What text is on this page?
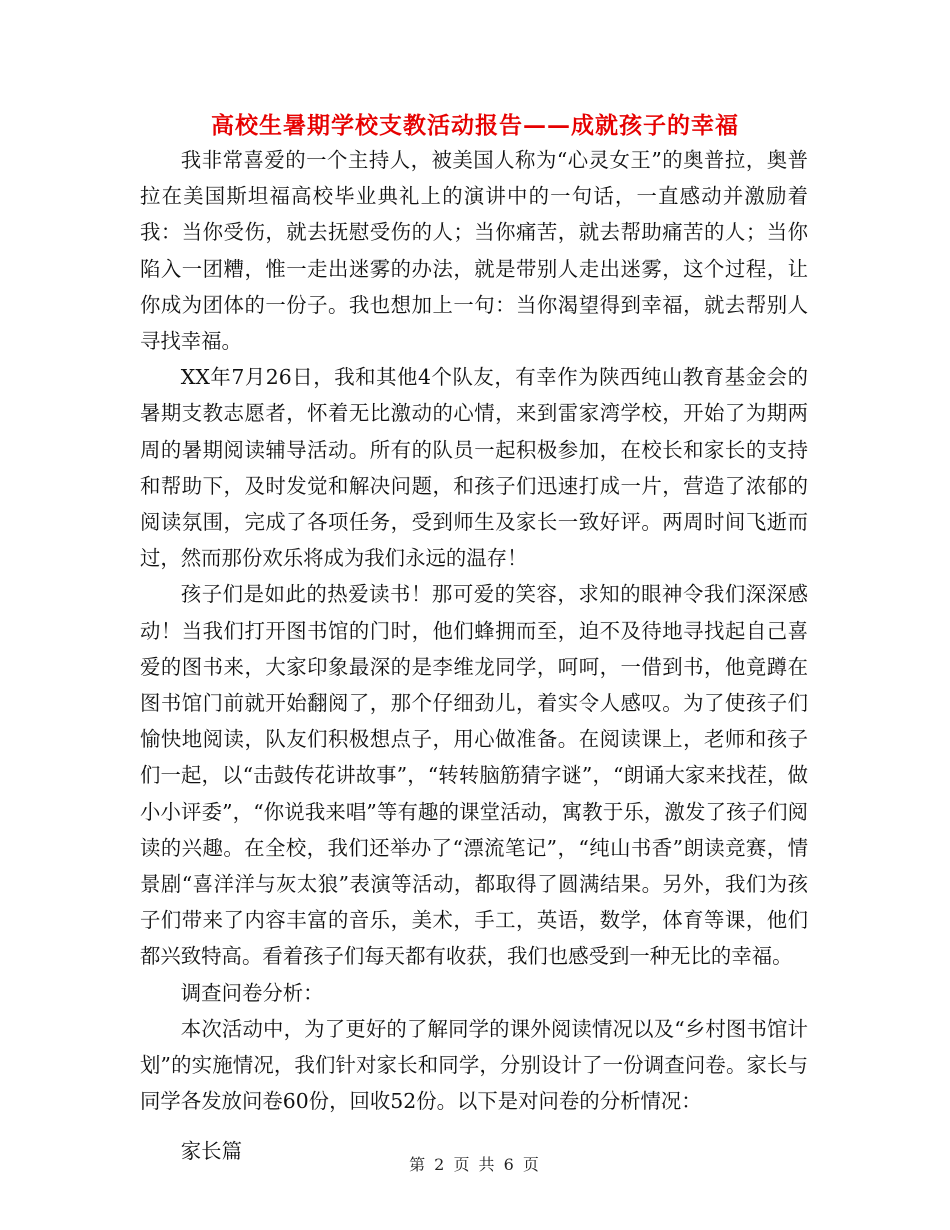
高校生暑期学校支教活动报告——成就孩子的幸福

我非常喜爱的一个主持人，被美国人称为“心灵女王”的奥普拉，奥普拉在美国斯坦福高校毕业典礼上的演讲中的一句话，一直感动并激励着我：当你受伤，就去抚慰受伤的人；当你痛苦，就去帮助痛苦的人；当你陷入一团糟，惟一走出迷雾的办法，就是带别人走出迷雾，这个过程，让你成为团体的一份子。我也想加上一句：当你渴望得到幸福，就去帮别人寻找幸福。

XX年7月26日，我和其他4个队友，有幸作为陕西纯山教育基金会的暑期支教志愿者，怀着无比激动的心情，来到雷家湾学校，开始了为期两周的暑期阅读辅导活动。所有的队员一起积极参加，在校长和家长的支持和帮助下，及时发觉和解决问题，和孩子们迅速打成一片，营造了浓郁的阅读氛围，完成了各项任务，受到师生及家长一致好评。两周时间飞逝而过，然而那份欢乐将成为我们永远的温存！

孩子们是如此的热爱读书！那可爱的笑容，求知的眼神令我们深深感动！当我们打开图书馆的门时，他们蜂拥而至，迫不及待地寻找起自己喜爱的图书来，大家印象最深的是李维龙同学，呵呵，一借到书，他竟蹲在图书馆门前就开始翻阅了，那个仔细劲儿，着实令人感叹。为了使孩子们愉快地阅读，队友们积极想点子，用心做准备。在阅读课上，老师和孩子们一起，以“击鼓传花讲故事”，“转转脑筋猜字谜”，“朗诵大家来找茬，做小小评委”，“你说我来唱”等有趣的课堂活动，寓教于乐，激发了孩子们阅读的兴趣。在全校，我们还举办了“漂流笔记”，“纯山书香”朗读竞赛，情景剧“喜洋洋与灰太狼”表演等活动，都取得了圆满结果。另外，我们为孩子们带来了内容丰富的音乐，美术，手工，英语，数学，体育等课，他们都兴致特高。看着孩子们每天都有收获，我们也感受到一种无比的幸福。

调查问卷分析：

本次活动中，为了更好的了解同学的课外阅读情况以及“乡村图书馆计划”的实施情况，我们针对家长和同学，分别设计了一份调查问卷。家长与同学各发放问卷60份，回收52份。以下是对问卷的分析情况：

家长篇

第 2 页 共 6 页
